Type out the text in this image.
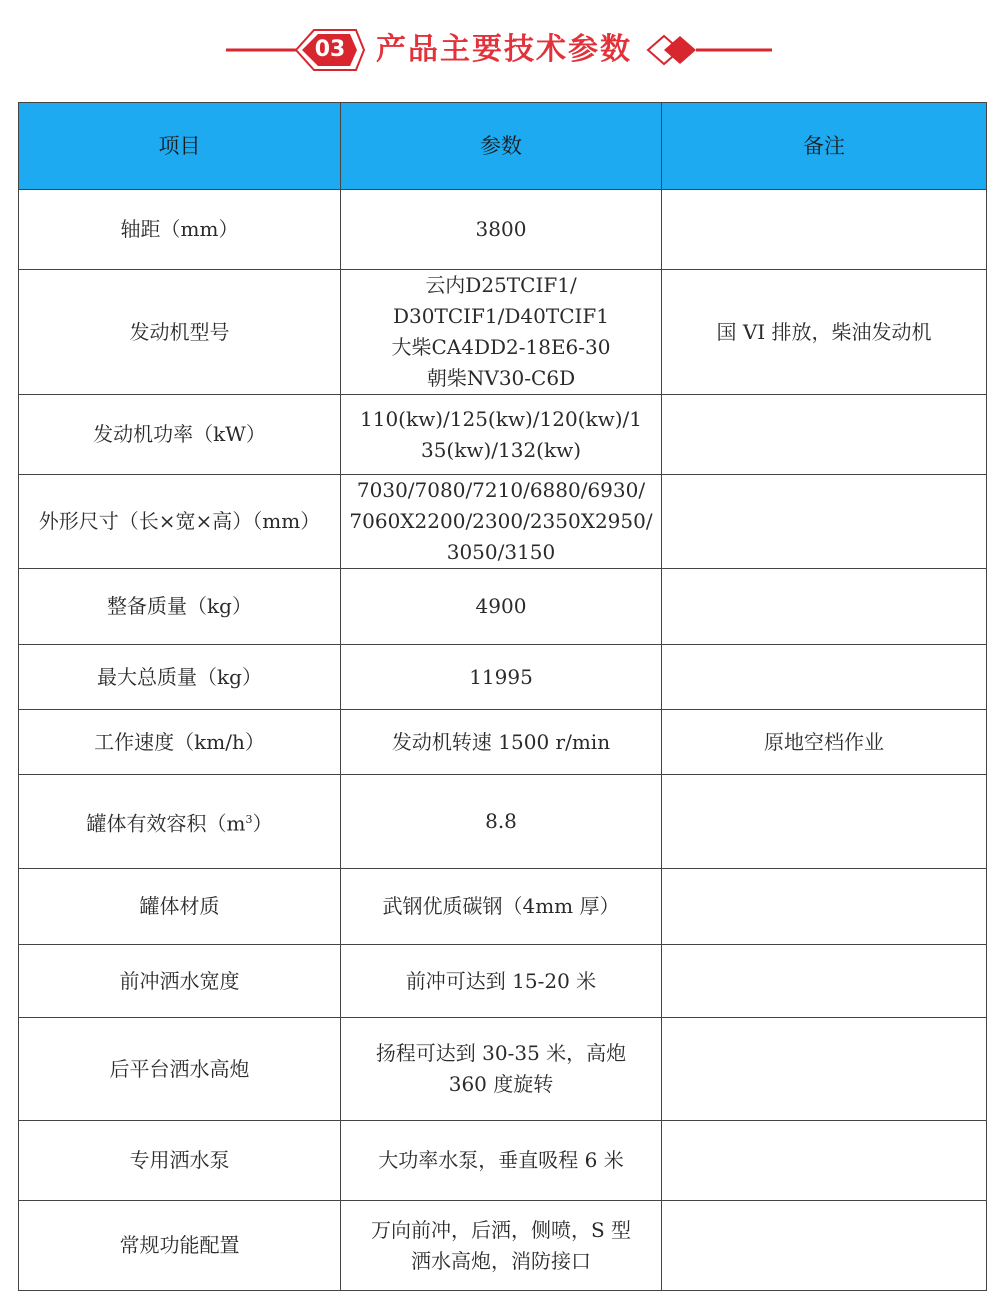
03 产品主要技术参数
项目	参数	备注
轴距（mm）	3800	
发动机型号	云内D25TCIF1/
D30TCIF1/D40TCIF1
大柴CA4DD2-18E6-30
朝柴NV30-C6D	国 VI 排放，柴油发动机
发动机功率（kW）	110(kw)/125(kw)/120(kw)/1
35(kw)/132(kw)	

外形尺寸（长×宽×高）（mm）	7030/7080/7210/6880/6930/
7060X2200/2300/2350X2950/
3050/3150	

整备质量（kg）	4900	
最大总质量（kg）	11995	
工作速度（km/h）	发动机转速 1500 r/min	原地空档作业
罐体有效容积$(m^3)$	8.8	
罐体材质	武钢优质碳钢（4mm 厚）	
前冲洒水宽度	前冲可达到 15-20 米	
后平台洒水高炮	扬程可达到 30-35 米，高炮
360 度旋转	

专用洒水泵	大功率水泵，垂直吸程 6 米	
常规功能配置	万向前冲，后洒，侧喷，S 型
洒水高炮，消防接口	
